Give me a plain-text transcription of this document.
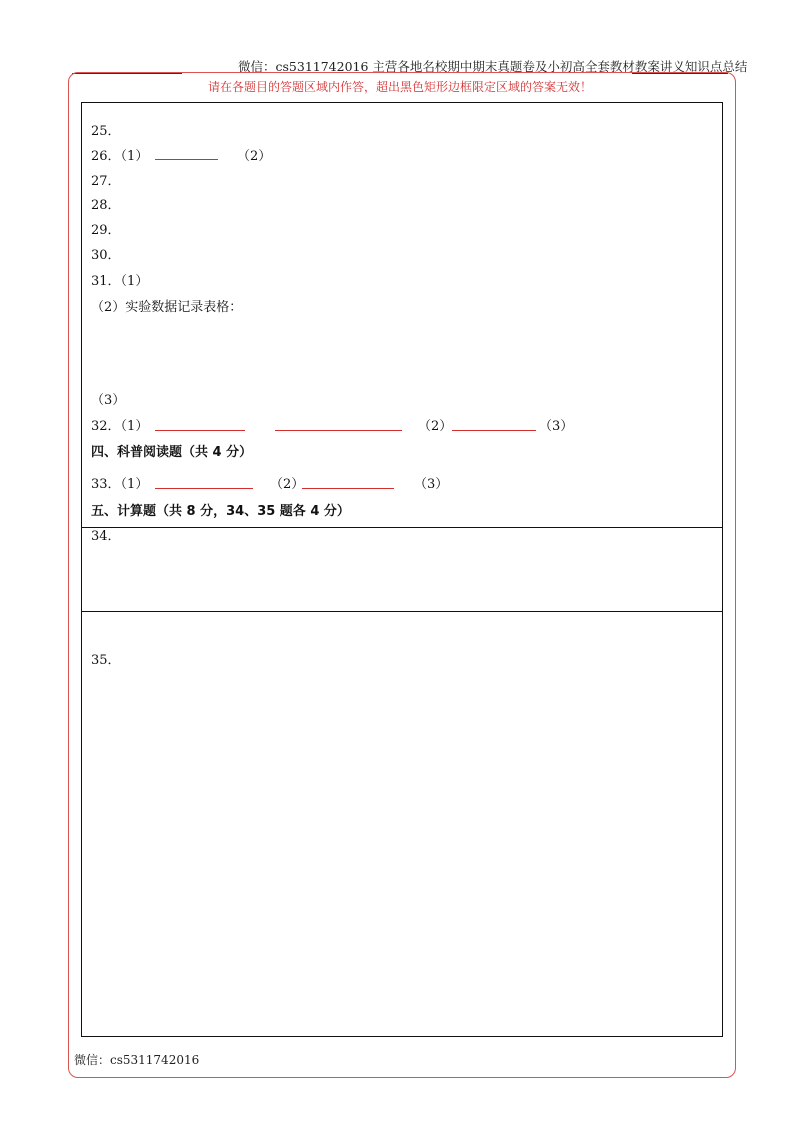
微信：cs5311742016 主营各地名校期中期末真题卷及小初高全套教材教案讲义知识点总结
请在各题目的答题区域内作答，超出黑色矩形边框限定区域的答案无效！
25．
26．（1）	（2）
27．
28．
29．
30．
31．（1）
（2）实验数据记录表格：
（3）
32．（1）	（2）	（3）
四、科普阅读题（共 4 分）
33．（1）	（2）	（3）
五、计算题（共 8 分，34、35 题各 4 分）
34．
35．
微信：cs5311742016
